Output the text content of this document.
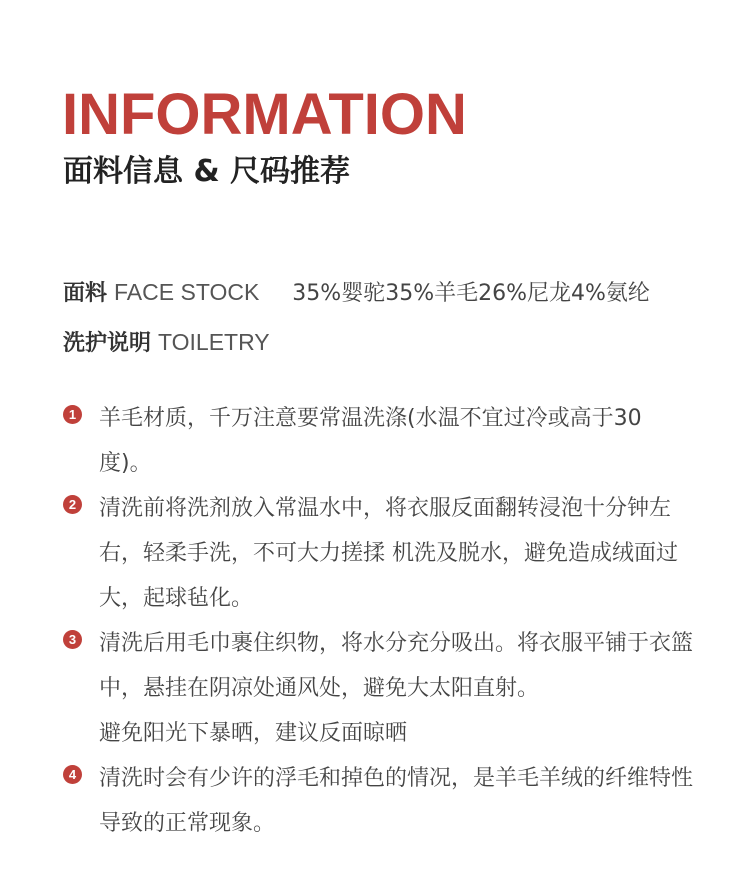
INFORMATION
面料信息 & 尺码推荐
面料 FACE STOCK 35%婴驼35%羊毛26%尼龙4%氨纶
洗护说明 TOILETRY
1 羊毛材质，千万注意要常温洗涤(水温不宜过冷或高于30度)。
2 清洗前将洗剂放入常温水中，将衣服反面翻转浸泡十分钟左右，轻柔手洗，不可大力搓揉 机洗及脱水，避免造成绒面过大，起球毡化。
3 清洗后用毛巾裹住织物，将水分充分吸出。将衣服平铺于衣篮中，悬挂在阴凉处通风处，避免大太阳直射。
避免阳光下暴晒，建议反面晾晒
4 清洗时会有少许的浮毛和掉色的情况，是羊毛羊绒的纤维特性导致的正常现象。
